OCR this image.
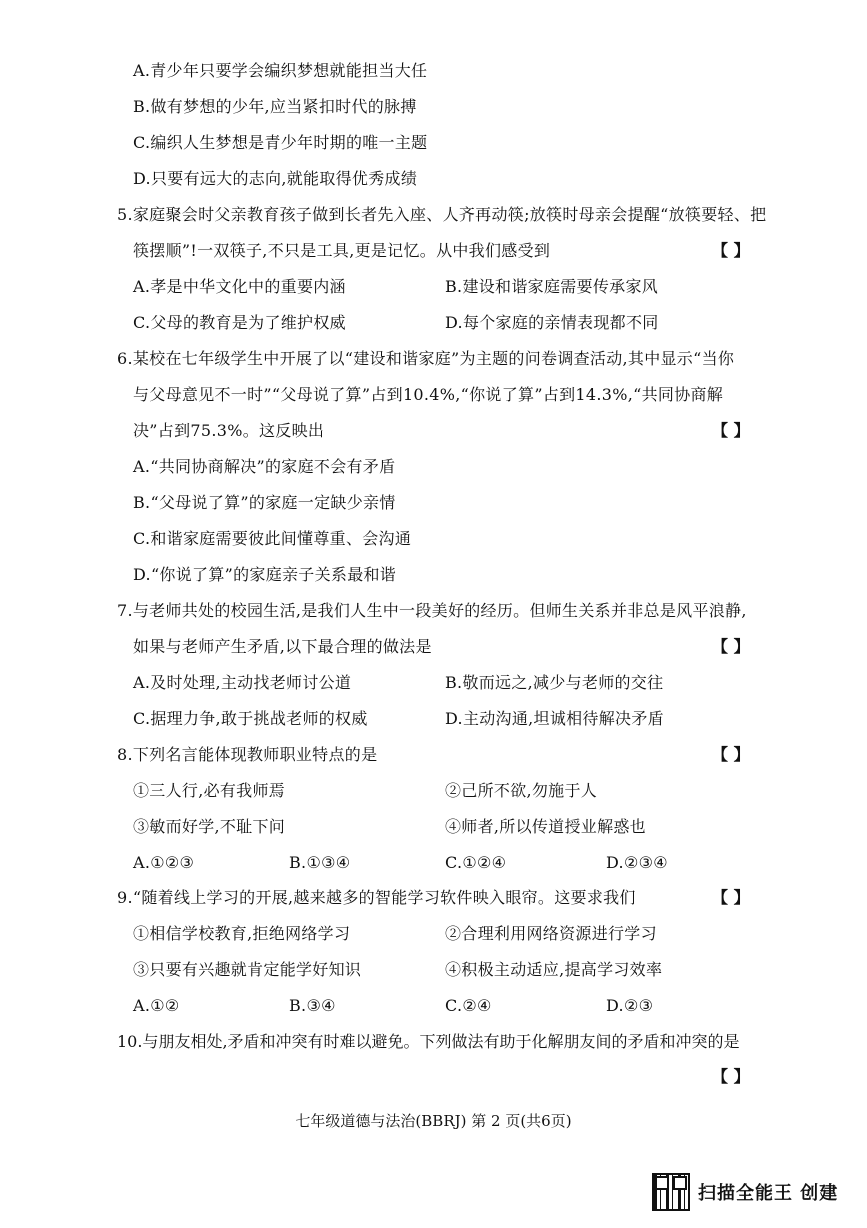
A.青少年只要学会编织梦想就能担当大任
B.做有梦想的少年,应当紧扣时代的脉搏
C.编织人生梦想是青少年时期的唯一主题
D.只要有远大的志向,就能取得优秀成绩
5.家庭聚会时父亲教育孩子做到长者先入座、人齐再动筷;放筷时母亲会提醒“放筷要轻、把
筷摆顺”!一双筷子,不只是工具,更是记忆。从中我们感受到	【 】
A.孝是中华文化中的重要内涵	B.建设和谐家庭需要传承家风
C.父母的教育是为了维护权威	D.每个家庭的亲情表现都不同
6.某校在七年级学生中开展了以“建设和谐家庭”为主题的问卷调查活动,其中显示“当你
与父母意见不一时”“父母说了算”占到10.4%,“你说了算”占到14.3%,“共同协商解
决”占到75.3%。这反映出	【 】
A.“共同协商解决”的家庭不会有矛盾
B.“父母说了算”的家庭一定缺少亲情
C.和谐家庭需要彼此间懂尊重、会沟通
D.“你说了算”的家庭亲子关系最和谐
7.与老师共处的校园生活,是我们人生中一段美好的经历。但师生关系并非总是风平浪静,
如果与老师产生矛盾,以下最合理的做法是	【 】
A.及时处理,主动找老师讨公道	B.敬而远之,减少与老师的交往
C.据理力争,敢于挑战老师的权威	D.主动沟通,坦诚相待解决矛盾
8.下列名言能体现教师职业特点的是	【 】
①三人行,必有我师焉	②己所不欲,勿施于人
③敏而好学,不耻下问	④师者,所以传道授业解惑也
A.①②③	B.①③④	C.①②④	D.②③④
9.“随着线上学习的开展,越来越多的智能学习软件映入眼帘。这要求我们	【 】
①相信学校教育,拒绝网络学习	②合理利用网络资源进行学习
③只要有兴趣就肯定能学好知识	④积极主动适应,提高学习效率
A.①②	B.③④	C.②④	D.②③
10.与朋友相处,矛盾和冲突有时难以避免。下列做法有助于化解朋友间的矛盾和冲突的是
【 】
七年级道德与法治(BBRJ) 第 2 页(共6页)
扫描全能王 创建
